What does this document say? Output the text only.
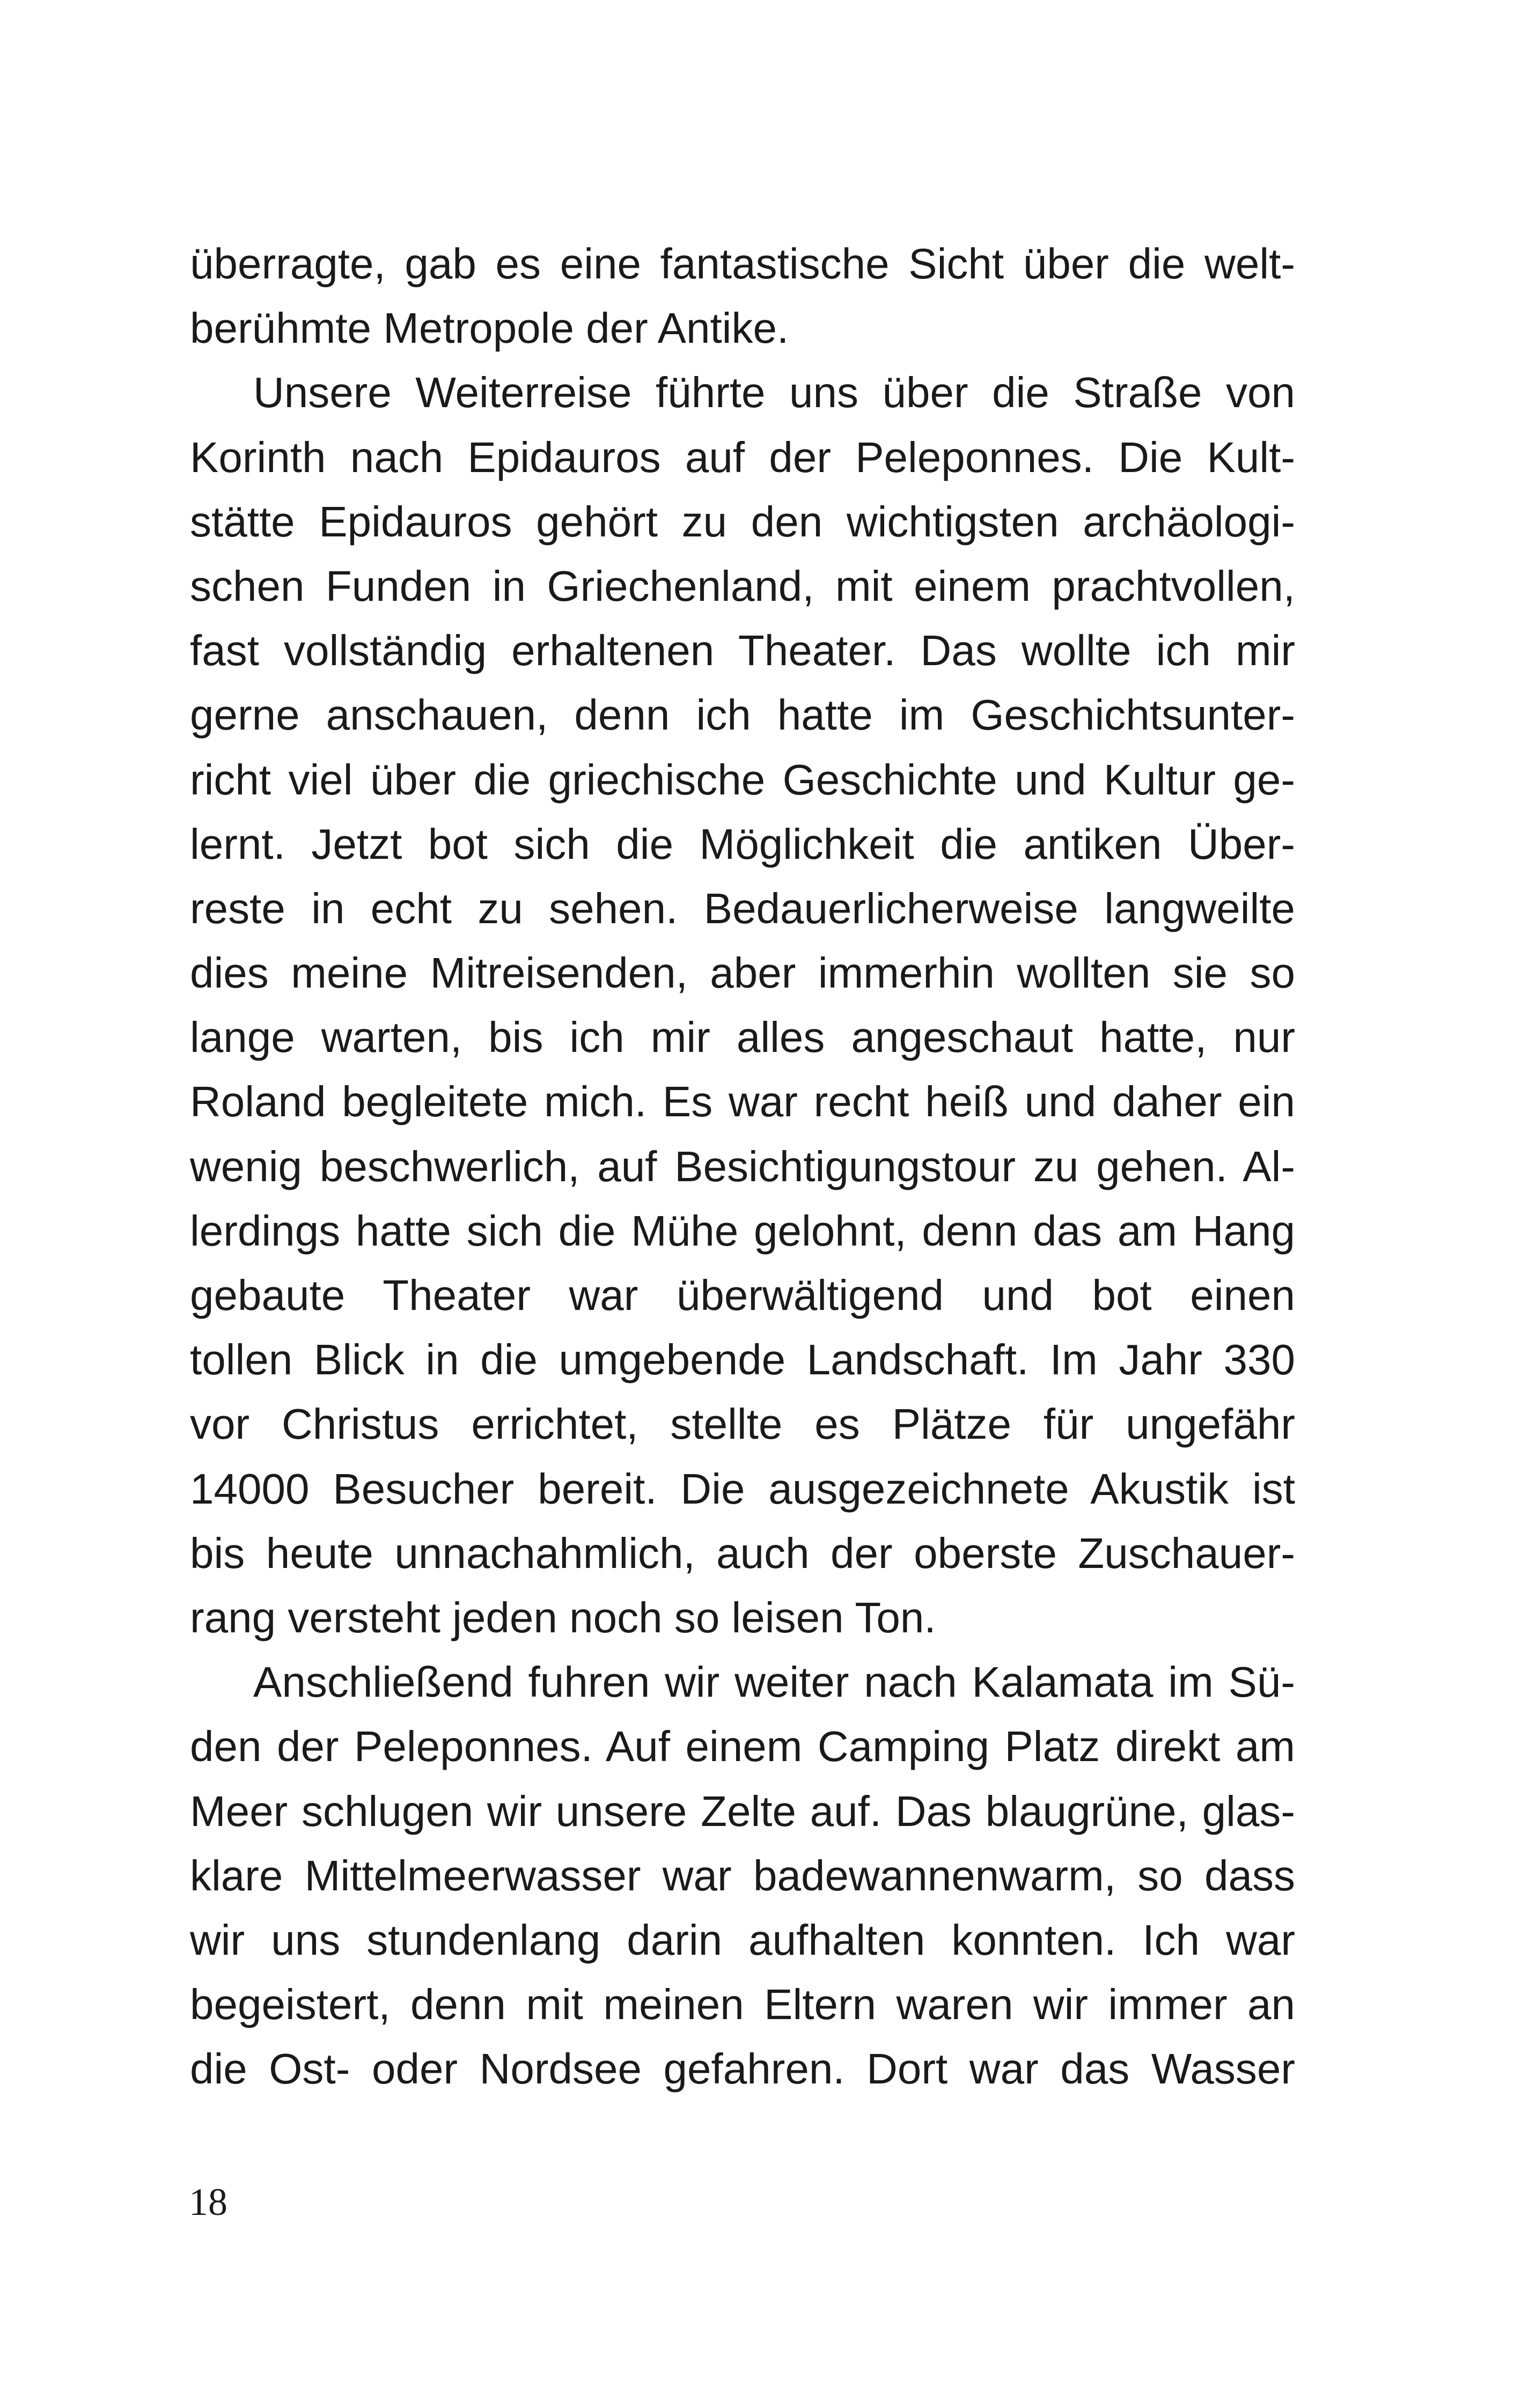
überragte, gab es eine fantastische Sicht über die welt-
berühmte Metropole der Antike.
Unsere Weiterreise führte uns über die Straße von
Korinth nach Epidauros auf der Peleponnes. Die Kult-
stätte Epidauros gehört zu den wichtigsten archäologi-
schen Funden in Griechenland, mit einem prachtvollen,
fast vollständig erhaltenen Theater. Das wollte ich mir
gerne anschauen, denn ich hatte im Geschichtsunter-
richt viel über die griechische Geschichte und Kultur ge-
lernt. Jetzt bot sich die Möglichkeit die antiken Über-
reste in echt zu sehen. Bedauerlicherweise langweilte
dies meine Mitreisenden, aber immerhin wollten sie so
lange warten, bis ich mir alles angeschaut hatte, nur
Roland begleitete mich. Es war recht heiß und daher ein
wenig beschwerlich, auf Besichtigungstour zu gehen. Al-
lerdings hatte sich die Mühe gelohnt, denn das am Hang
gebaute Theater war überwältigend und bot einen
tollen Blick in die umgebende Landschaft. Im Jahr 330
vor Christus errichtet, stellte es Plätze für ungefähr
14000 Besucher bereit. Die ausgezeichnete Akustik ist
bis heute unnachahmlich, auch der oberste Zuschauer-
rang versteht jeden noch so leisen Ton.
Anschließend fuhren wir weiter nach Kalamata im Sü-
den der Peleponnes. Auf einem Camping Platz direkt am
Meer schlugen wir unsere Zelte auf. Das blaugrüne, glas-
klare Mittelmeerwasser war badewannenwarm, so dass
wir uns stundenlang darin aufhalten konnten. Ich war
begeistert, denn mit meinen Eltern waren wir immer an
die Ost- oder Nordsee gefahren. Dort war das Wasser
18
